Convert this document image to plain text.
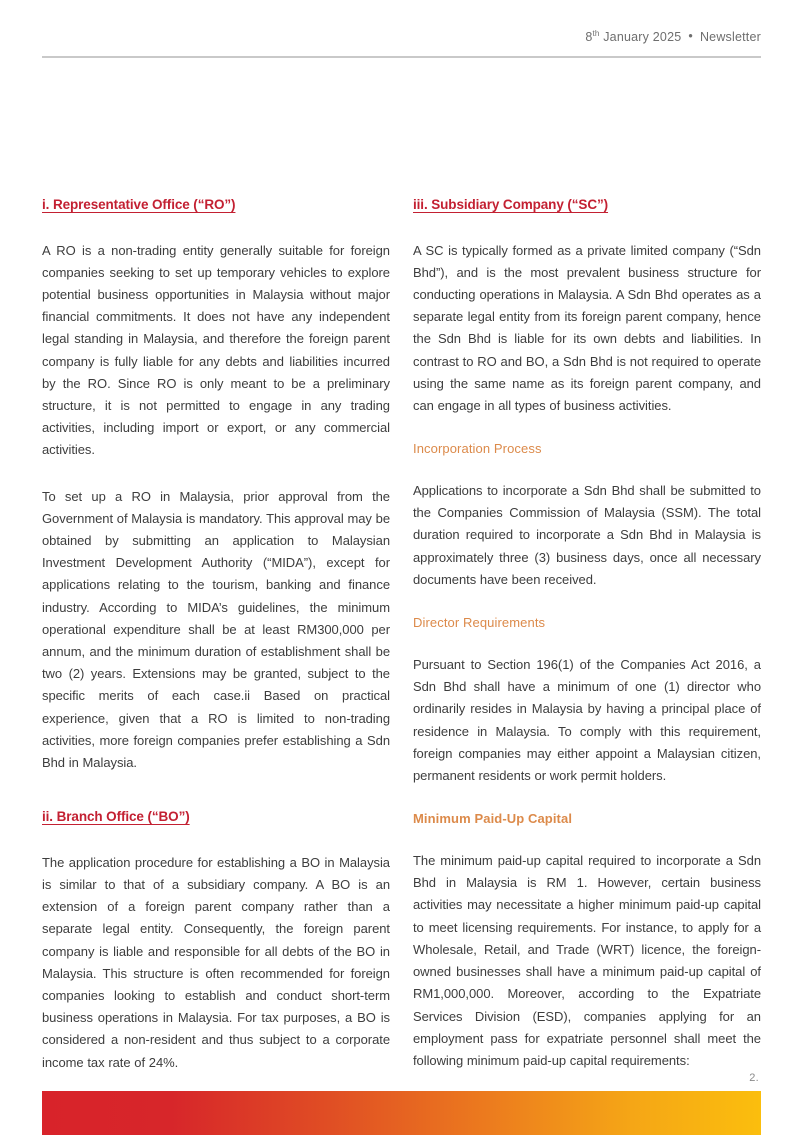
8th January 2025 • Newsletter
i. Representative Office (“RO”)

A RO is a non-trading entity generally suitable for foreign companies seeking to set up temporary vehicles to explore potential business opportunities in Malaysia without major financial commitments. It does not have any independent legal standing in Malaysia, and therefore the foreign parent company is fully liable for any debts and liabilities incurred by the RO. Since RO is only meant to be a preliminary structure, it is not permitted to engage in any trading activities, including import or export, or any commercial activities.

To set up a RO in Malaysia, prior approval from the Government of Malaysia is mandatory. This approval may be obtained by submitting an application to Malaysian Investment Development Authority (“MIDA”), except for applications relating to the tourism, banking and finance industry. According to MIDA’s guidelines, the minimum operational expenditure shall be at least RM300,000 per annum, and the minimum duration of establishment shall be two (2) years. Extensions may be granted, subject to the specific merits of each case.ii Based on practical experience, given that a RO is limited to non-trading activities, more foreign companies prefer establishing a Sdn Bhd in Malaysia.

ii. Branch Office (“BO”)

The application procedure for establishing a BO in Malaysia is similar to that of a subsidiary company. A BO is an extension of a foreign parent company rather than a separate legal entity. Consequently, the foreign parent company is liable and responsible for all debts of the BO in Malaysia. This structure is often recommended for foreign companies looking to establish and conduct short-term business operations in Malaysia. For tax purposes, a BO is considered a non-resident and thus subject to a corporate income tax rate of 24%.

iii. Subsidiary Company (“SC”)

A SC is typically formed as a private limited company (“Sdn Bhd”), and is the most prevalent business structure for conducting operations in Malaysia. A Sdn Bhd operates as a separate legal entity from its foreign parent company, hence the Sdn Bhd is liable for its own debts and liabilities. In contrast to RO and BO, a Sdn Bhd is not required to operate using the same name as its foreign parent company, and can engage in all types of business activities.

Incorporation Process

Applications to incorporate a Sdn Bhd shall be submitted to the Companies Commission of Malaysia (SSM). The total duration required to incorporate a Sdn Bhd in Malaysia is approximately three (3) business days, once all necessary documents have been received.

Director Requirements

Pursuant to Section 196(1) of the Companies Act 2016, a Sdn Bhd shall have a minimum of one (1) director who ordinarily resides in Malaysia by having a principal place of residence in Malaysia. To comply with this requirement, foreign companies may either appoint a Malaysian citizen, permanent residents or work permit holders.

Minimum Paid-Up Capital

The minimum paid-up capital required to incorporate a Sdn Bhd in Malaysia is RM 1. However, certain business activities may necessitate a higher minimum paid-up capital to meet licensing requirements. For instance, to apply for a Wholesale, Retail, and Trade (WRT) licence, the foreign-owned businesses shall have a minimum paid-up capital of RM1,000,000. Moreover, according to the Expatriate Services Division (ESD), companies applying for an employment pass for expatriate personnel shall meet the following minimum paid-up capital requirements:

2.
